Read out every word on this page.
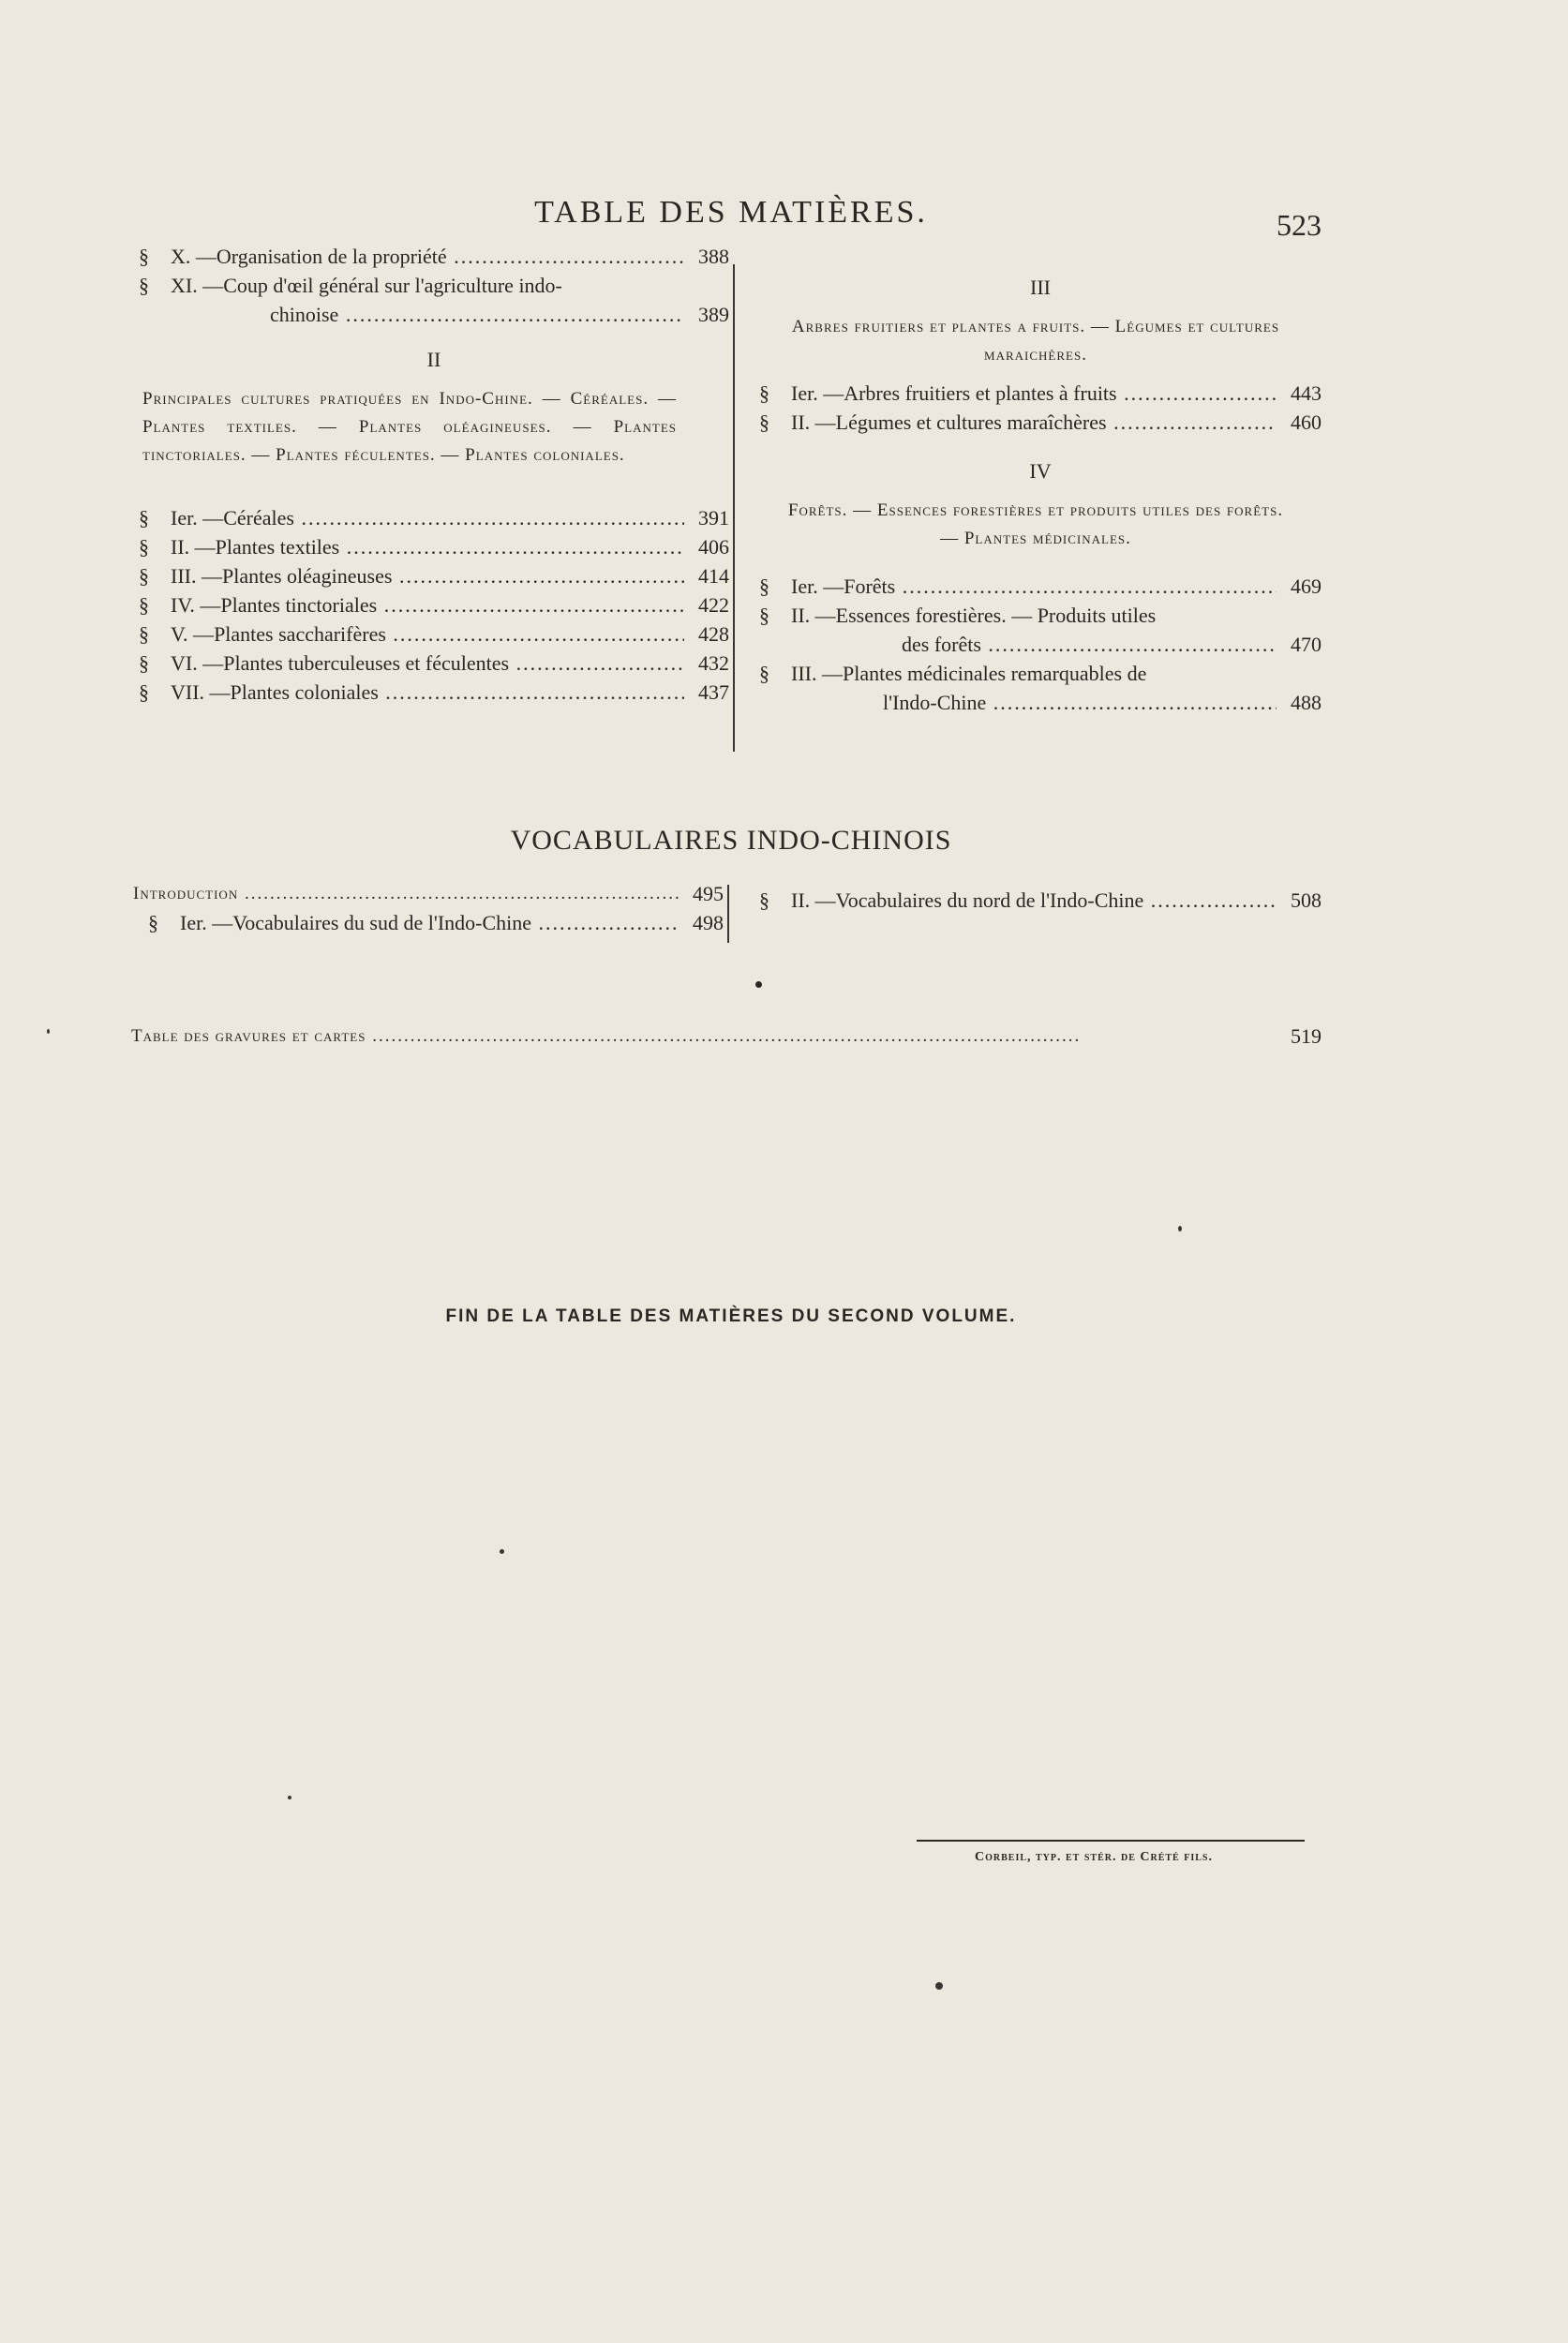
TABLE DES MATIÈRES.	523
§	X. — Organisation de la propriété .....	388
§	XI. — Coup d'œil général sur l'agriculture indo-
chinoise .....	389
II
Principales cultures pratiquées en Indo-Chine. — Céréales. — Plantes textiles. — Plantes oléagineuses. — Plantes tinctoriales. — Plantes féculentes. — Plantes coloniales.
§	Ier. — Céréales .....	391
§	II. — Plantes textiles .....	406
§	III. — Plantes oléagineuses .....	414
§	IV. — Plantes tinctoriales .....	422
§	V. — Plantes saccharifères .....	428
§	VI. — Plantes tuberculeuses et féculentes .....	432
§	VII. — Plantes coloniales .....	437
III
Arbres fruitiers et plantes a fruits. — Légumes et cultures maraichères.
§	Ier. — Arbres fruitiers et plantes à fruits .....	443
§	II. — Légumes et cultures maraîchères .....	460
IV
Forêts. — Essences forestières et produits utiles des forêts. — Plantes médicinales.
§	Ier. — Forêts .....	469
§	II. — Essences forestières. — Produits utiles
des forêts .....	470
§	III. — Plantes médicinales remarquables de
l'Indo-Chine .....	488
VOCABULAIRES INDO-CHINOIS
Introduction .....	495
§	Ier. — Vocabulaires du sud de l'Indo-Chine .....	498
§	II. — Vocabulaires du nord de l'Indo-Chine .....	508
Table des gravures et cartes .....	519
FIN DE LA TABLE DES MATIÈRES DU SECOND VOLUME.
Corbeil, typ. et stér. de Crété fils.
